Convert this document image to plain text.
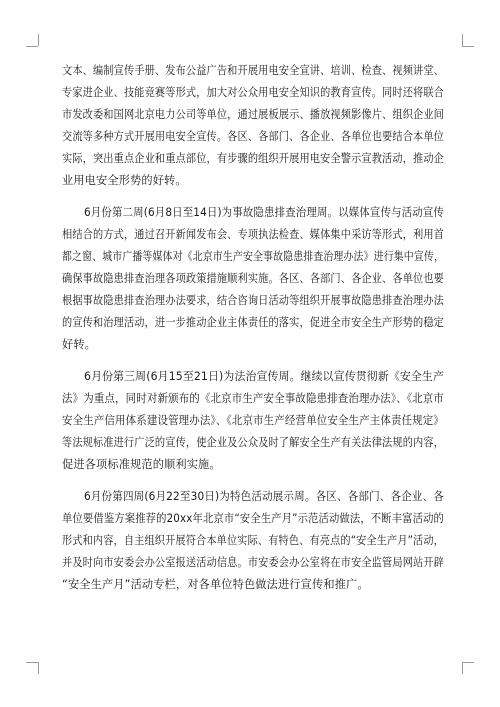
文本、编制宣传手册、发布公益广告和开展用电安全宣讲、培训、检查、视频讲堂、
专家进企业、技能竞赛等形式，加大对公众用电安全知识的教育宣传。同时还将联合
市发改委和国网北京电力公司等单位，通过展板展示、播放视频影像片、组织企业间
交流等多种方式开展用电安全宣传。各区、各部门、各企业、各单位也要结合本单位
实际，突出重点企业和重点部位，有步骤的组织开展用电安全警示宣教活动，推动企
业用电安全形势的好转。
6月份第二周(6月8日至14日)为事故隐患排查治理周。以媒体宣传与活动宣传
相结合的方式，通过召开新闻发布会、专项执法检查、媒体集中采访等形式，利用首
都之窗、城市广播等媒体对《北京市生产安全事故隐患排查治理办法》进行集中宣传，
确保事故隐患排查治理各项政策措施顺利实施。各区、各部门、各企业、各单位也要
根据事故隐患排查治理办法要求，结合咨询日活动等组织开展事故隐患排查治理办法
的宣传和治理活动，进一步推动企业主体责任的落实，促进全市安全生产形势的稳定
好转。
6月份第三周(6月15至21日)为法治宣传周。继续以宣传贯彻新《安全生产
法》为重点，同时对新颁布的《北京市生产安全事故隐患排查治理办法》、《北京市
安全生产信用体系建设管理办法》、《北京市生产经营单位安全生产主体责任规定》
等法规标准进行广泛的宣传，使企业及公众及时了解安全生产有关法律法规的内容，
促进各项标准规范的顺利实施。
6月份第四周(6月22至30日)为特色活动展示周。各区、各部门、各企业、各
单位要借鉴方案推荐的20xx年北京市“安全生产月”示范活动做法，不断丰富活动的
形式和内容，自主组织开展符合本单位实际、有特色、有亮点的“安全生产月”活动，
并及时向市安委会办公室报送活动信息。市安委会办公室将在市安全监管局网站开辟
“安全生产月”活动专栏，对各单位特色做法进行宣传和推广。
